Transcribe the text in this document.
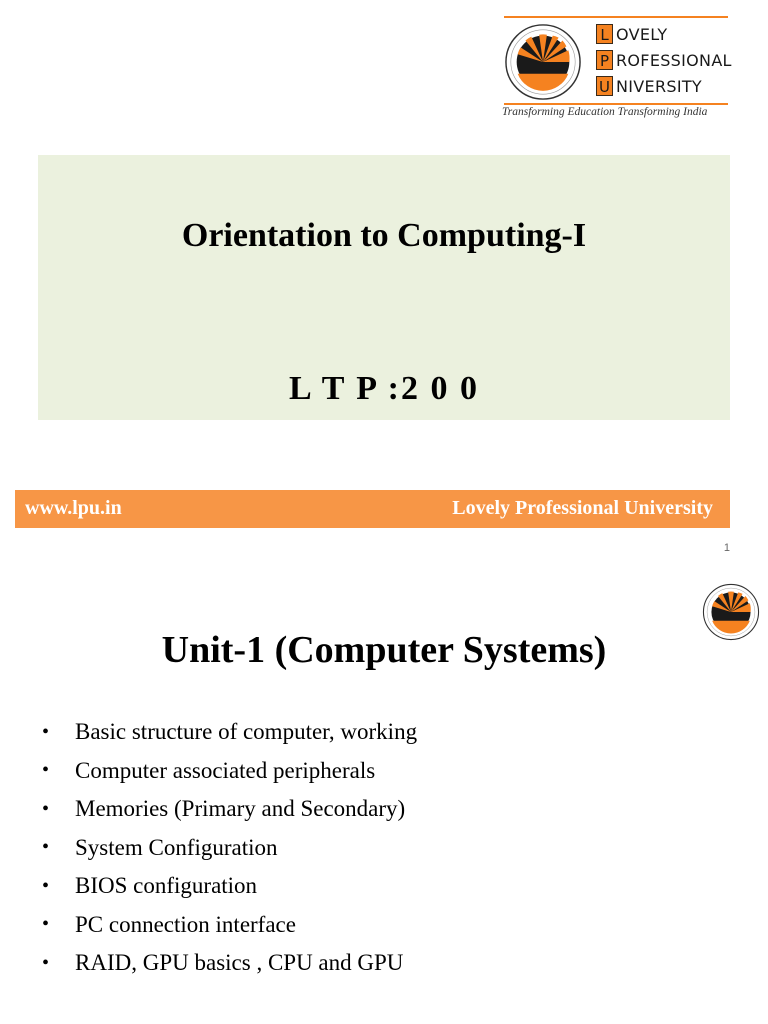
L OVELY
P ROFESSIONAL
U NIVERSITY
Transforming Education Transforming India
Orientation to Computing-I
L T P :2 0 0
www.lpu.in	Lovely Professional University
1
Unit-1 (Computer Systems)
•	Basic structure of computer, working
•	Computer associated peripherals
•	Memories (Primary and Secondary)
•	System Configuration
•	BIOS configuration
•	PC connection interface
•	RAID, GPU basics , CPU and GPU
